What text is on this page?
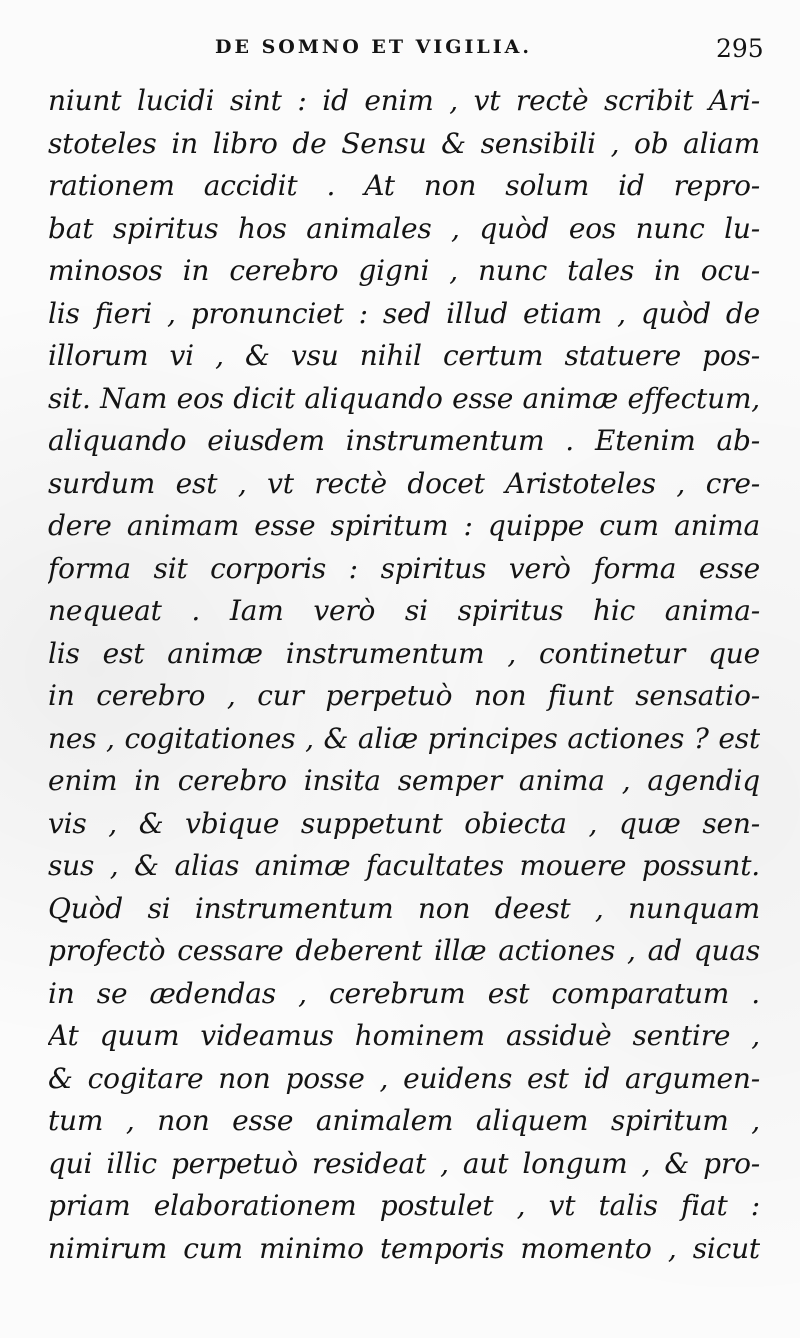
DE SOMNO ET VIGILIA.	295
niunt lucidi sint : id enim , vt rectè scribit Ari-
stoteles in libro de Sensu & sensibili , ob aliam
rationem accidit . At non solum id repro-
bat spiritus hos animales , quòd eos nunc lu-
minosos in cerebro gigni , nunc tales in ocu-
lis fieri , pronunciet : sed illud etiam , quòd de
illorum vi , & vsu nihil certum statuere pos-
sit. Nam eos dicit aliquando esse animæ effectum,
aliquando eiusdem instrumentum . Etenim ab-
surdum est , vt rectè docet Aristoteles , cre-
dere animam esse spiritum : quippe cum anima
forma sit corporis : spiritus verò forma esse
nequeat . Iam verò si spiritus hic anima-
lis est animæ instrumentum , continetur que
in cerebro , cur perpetuò non fiunt sensatio-
nes , cogitationes , & aliæ principes actiones ? est
enim in cerebro insita semper anima , agendiq
vis , & vbique suppetunt obiecta , quæ sen-
sus , & alias animæ facultates mouere possunt.
Quòd si instrumentum non deest , nunquam
profectò cessare deberent illæ actiones , ad quas
in se ædendas , cerebrum est comparatum .
At quum videamus hominem assiduè sentire ,
& cogitare non posse , euidens est id argumen-
tum , non esse animalem aliquem spiritum ,
qui illic perpetuò resideat , aut longum , & pro-
priam elaborationem postulet , vt talis fiat :
nimirum cum minimo temporis momento , sicut
